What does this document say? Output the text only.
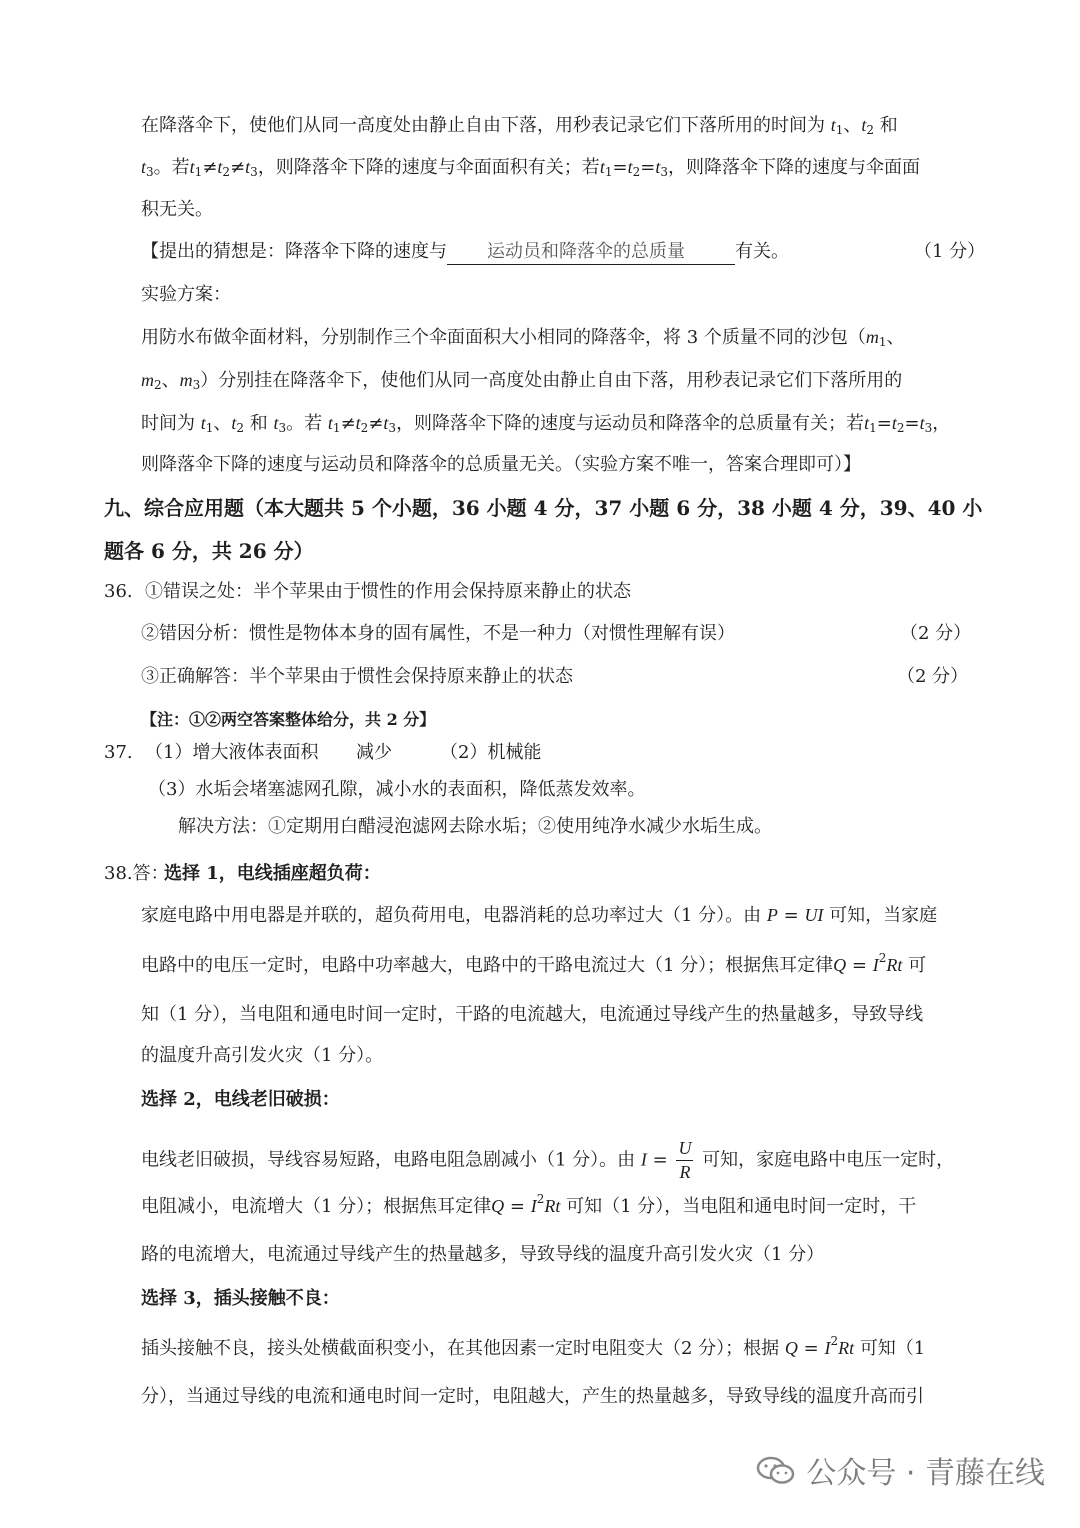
在降落伞下，使他们从同一高度处由静止自由下落，用秒表记录它们下落所用的时间为 $t_1$、$t_2$ 和
$t_3$。若$t_1\ne t_2\ne t_3$，则降落伞下降的速度与伞面面积有关；若$t_1=t_2=t_3$，则降落伞下降的速度与伞面面
积无关。
【提出的猜想是：降落伞下降的速度与 运动员和降落伞的总质量	有关。	（1 分）
实验方案：
用防水布做伞面材料，分别制作三个伞面面积大小相同的降落伞，将 3 个质量不同的沙包（$m_1$、
$m_2$、$m_3$）分别挂在降落伞下，使他们从同一高度处由静止自由下落，用秒表记录它们下落所用的
时间为 $t_1$、$t_2$ 和 $t_3$。若 $t_1\ne t_2\ne t_3$，则降落伞下降的速度与运动员和降落伞的总质量有关；若$t_1=t_2=t_3$，
则降落伞下降的速度与运动员和降落伞的总质量无关。（实验方案不唯一，答案合理即可）】
九、综合应用题（本大题共 5 个小题，36 小题 4 分，37 小题 6 分，38 小题 4 分，39、40 小
题各 6 分，共 26 分）
36. ①错误之处：半个苹果由于惯性的作用会保持原来静止的状态
②错因分析：惯性是物体本身的固有属性，不是一种力（对惯性理解有误）	（2 分）
③正确解答：半个苹果由于惯性会保持原来静止的状态	（2 分）
【注：①②两空答案整体给分，共 2 分】
37. （1）增大液体表面积 减少	（2）机械能
（3）水垢会堵塞滤网孔隙，减小水的表面积，降低蒸发效率。
解决方法：①定期用白醋浸泡滤网去除水垢；②使用纯净水减少水垢生成。
38.答：
选择 1，电线插座超负荷：
家庭电路中用电器是并联的，超负荷用电，电器消耗的总功率过大（1 分）。由 P = UI 可知，当家庭
电路中的电压一定时，电路中功率越大，电路中的干路电流过大（1 分）；根据焦耳定律$Q = I^2Rt$ 可
知（1 分），当电阻和通电时间一定时，干路的电流越大，电流通过导线产生的热量越多，导致导线
的温度升高引发火灾（1 分）。
选择 2，电线老旧破损：
电线老旧破损，导线容易短路，电路电阻急剧减小（1 分）。由 $I = \frac{U}{R}$ 可知，家庭电路中电压一定时，
电阻减小，电流增大（1 分）；根据焦耳定律$Q = I^2Rt$ 可知（1 分），当电阻和通电时间一定时，干
路的电流增大，电流通过导线产生的热量越多，导致导线的温度升高引发火灾（1 分）
选择 3，插头接触不良：
插头接触不良，接头处横截面积变小，在其他因素一定时电阻变大（2 分）；根据 $Q = I^2Rt$ 可知（1
分），当通过导线的电流和通电时间一定时，电阻越大，产生的热量越多，导致导线的温度升高而引
公众号 · 青藤在线
